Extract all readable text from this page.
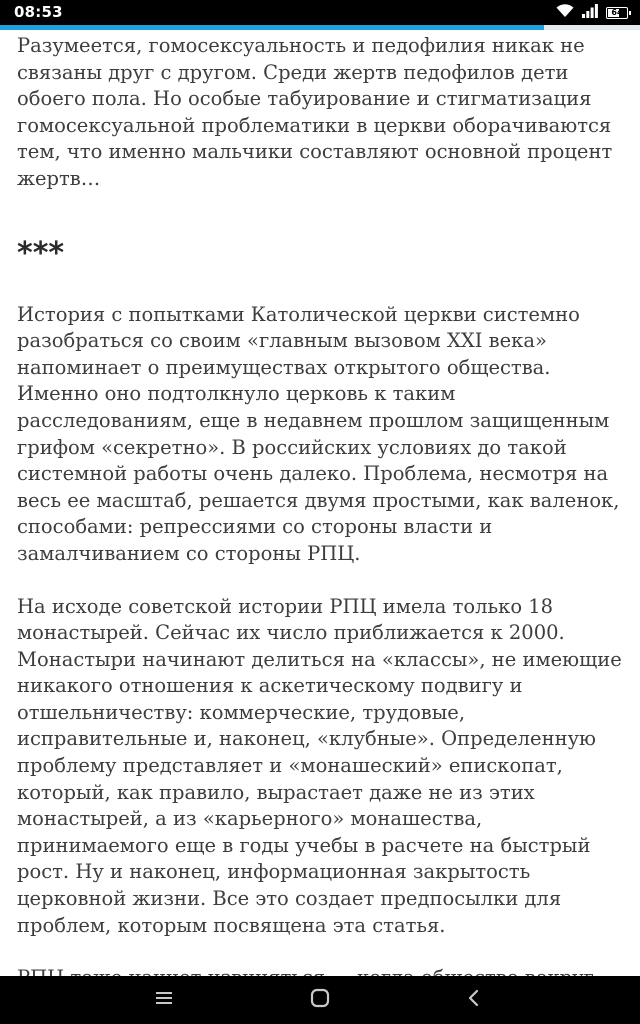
08:53	64

Разумеется, гомосексуальность и педофилия никак не связаны друг с другом. Среди жертв педофилов дети обоего пола. Но особые табуирование и стигматизация гомосексуальной проблематики в церкви оборачиваются тем, что именно мальчики составляют основной процент жертв…

***

История с попытками Католической церкви системно разобраться со своим «главным вызовом XXI века» напоминает о преимуществах открытого общества. Именно оно подтолкнуло церковь к таким расследованиям, еще в недавнем прошлом защищенным грифом «секретно». В российских условиях до такой системной работы очень далеко. Проблема, несмотря на весь ее масштаб, решается двумя простыми, как валенок, способами: репрессиями со стороны власти и замалчиванием со стороны РПЦ.

На исходе советской истории РПЦ имела только 18 монастырей. Сейчас их число приближается к 2000. Монастыри начинают делиться на «классы», не имеющие никакого отношения к аскетическому подвигу и отшельничеству: коммерческие, трудовые, исправительные и, наконец, «клубные». Определенную проблему представляет и «монашеский» епископат, который, как правило, вырастает даже не из этих монастырей, а из «карьерного» монашества, принимаемого еще в годы учебы в расчете на быстрый рост. Ну и наконец, информационная закрытость церковной жизни. Все это создает предпосылки для проблем, которым посвящена эта статья.
